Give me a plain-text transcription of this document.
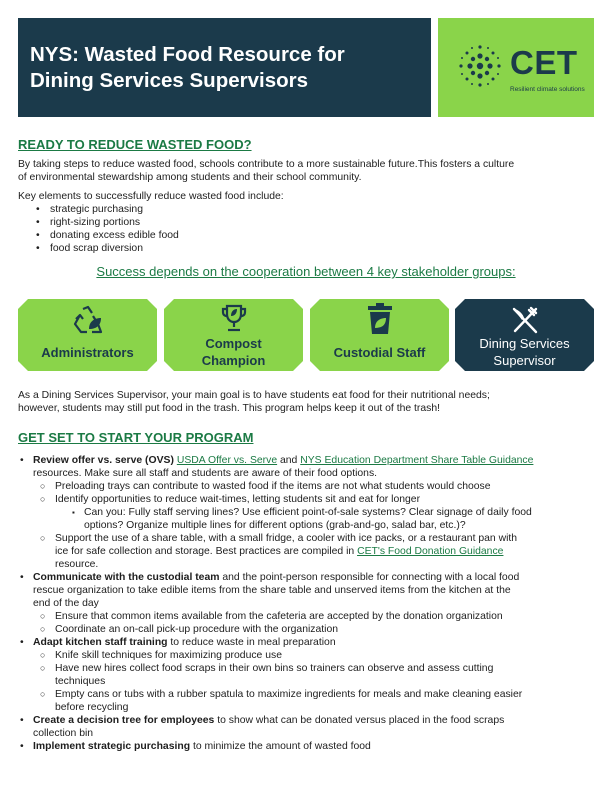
NYS: Wasted Food Resource for
Dining Services Supervisors	CET
Resilient climate solutions
READY TO REDUCE WASTED FOOD?
By taking steps to reduce wasted food, schools contribute to a more sustainable future.This fosters a culture
of environmental stewardship among students and their school community.
Key elements to successfully reduce wasted food include:
• strategic purchasing
• right-sizing portions
• donating excess edible food
• food scrap diversion
Success depends on the cooperation between 4 key stakeholder groups:
Administrators
Compost
Champion
Custodial Staff
Dining Services
Supervisor
As a Dining Services Supervisor, your main goal is to have students eat food for their nutritional needs;
however, students may still put food in the trash. This program helps keep it out of the trash!
GET SET TO START YOUR PROGRAM
• Review offer vs. serve (OVS) USDA Offer vs. Serve and NYS Education Department Share Table Guidance
resources. Make sure all staff and students are aware of their food options.
○ Preloading trays can contribute to wasted food if the items are not what students would choose
○ Identify opportunities to reduce wait-times, letting students sit and eat for longer
▪ Can you: Fully staff serving lines? Use efficient point-of-sale systems? Clear signage of daily food
options? Organize multiple lines for different options (grab-and-go, salad bar, etc.)?
○ Support the use of a share table, with a small fridge, a cooler with ice packs, or a restaurant pan with
ice for safe collection and storage. Best practices are compiled in CET's Food Donation Guidance
resource.
• Communicate with the custodial team and the point-person responsible for connecting with a local food
rescue organization to take edible items from the share table and unserved items from the kitchen at the
end of the day
○ Ensure that common items available from the cafeteria are accepted by the donation organization
○ Coordinate an on-call pick-up procedure with the organization
• Adapt kitchen staff training to reduce waste in meal preparation
○ Knife skill techniques for maximizing produce use
○ Have new hires collect food scraps in their own bins so trainers can observe and assess cutting
techniques
○ Empty cans or tubs with a rubber spatula to maximize ingredients for meals and make cleaning easier
before recycling
• Create a decision tree for employees to show what can be donated versus placed in the food scraps
collection bin
• Implement strategic purchasing to minimize the amount of wasted food
